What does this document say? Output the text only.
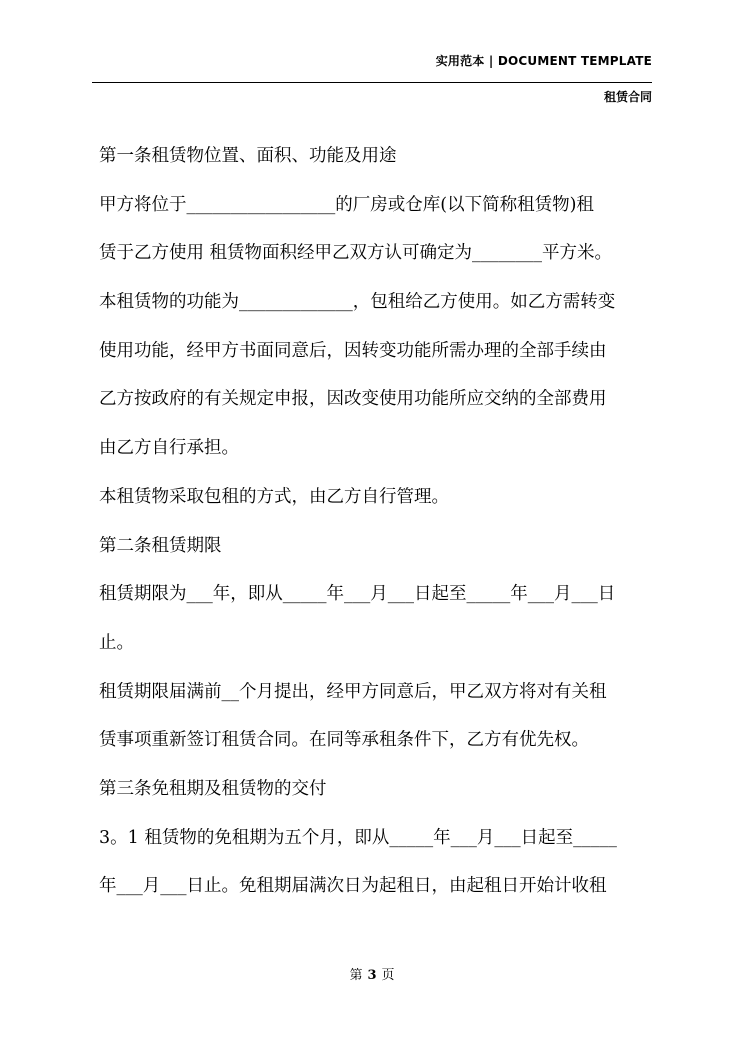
实用范本 | DOCUMENT TEMPLATE
租赁合同
第一条租赁物位置、面积、功能及用途
甲方将位于_________________的厂房或仓库(以下简称租赁物)租
赁于乙方使用 租赁物面积经甲乙双方认可确定为________平方米。
本租赁物的功能为_____________，包租给乙方使用。如乙方需转变
使用功能，经甲方书面同意后，因转变功能所需办理的全部手续由
乙方按政府的有关规定申报，因改变使用功能所应交纳的全部费用
由乙方自行承担。
本租赁物采取包租的方式，由乙方自行管理。
第二条租赁期限
租赁期限为___年，即从_____年___月___日起至_____年___月___日
止。
租赁期限届满前__个月提出，经甲方同意后，甲乙双方将对有关租
赁事项重新签订租赁合同。在同等承租条件下，乙方有优先权。
第三条免租期及租赁物的交付
3。1 租赁物的免租期为五个月，即从_____年___月___日起至_____
年___月___日止。免租期届满次日为起租日，由起租日开始计收租
第 3 页
